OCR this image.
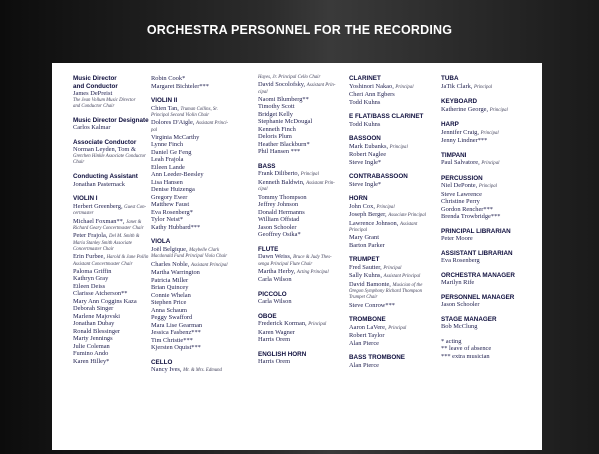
ORCHESTRA PERSONNEL FOR THE RECORDING
Music Director
and Conductor
James DePreist
The Jean Vollum Music Director
and Conductor Chair
Music Director Designate
Carlos Kalmar
Associate Conductor
Norman Leyden, Tom &
Gretchen Hinkle Associate Conductor
Chair
Conducting Assistant
Jonathan Pasternack
VIOLIN I
Herbert Greenberg, Guest Con-
certmaster
Michael Foxman**, Janet &
Richard Geary Concertmaster Chair
Peter Frajola, Del M. Smith &
Maria Stanley Smith Associate
Concertmaster Chair
Erin Furbee, Harold & Jane Pollin
Assistant Concertmaster Chair
Paloma Griffin
Kathryn Gray
Eileen Deiss
Clarisse Atcherson**
Mary Ann Coggins Kaza
Deborah Singer
Marlene Majovski
Jonathan Dubay
Ronald Blessinger
Marty Jennings
Julie Coleman
Fumino Ando
Karen Hilley*
Robin Cook*
Margaret Bichteler***
VIOLIN II
Chien Tan, Truman Collins, Sr.
Principal Second Violin Chair
Dolores D'Aigle, Assistant Princi-
pal
Virginia McCarthy
Lynne Finch
Daniel Ge Feng
Leah Frajola
Eileen Lande
Ann Leeder-Beesley
Lisa Hansen
Denise Huizenga
Gregory Ewer
Matthew Faust
Eva Rosenberg*
Tylor Neist*
Kathy Hubbard***
VIOLA
Joël Belgique, Maybelle Clark
Macdonald Fund Principal Viola Chair
Charles Noble, Assistant Principal
Martha Warrington
Patricia Miller
Brian Quincey
Connie Whelan
Stephen Price
Anna Schaum
Peggy Swafford
Mara Lise Gearman
Jessica Fasbenz***
Tim Christie***
Kjersten Oquist***
CELLO
Nancy Ives, Mr. & Mrs. Edmund
Hayes, Jr. Principal Cello Chair
David Socolofsky, Assistant Prin-
cipal
Naomi Blumberg**
Timothy Scott
Bridget Kelly
Stephanie McDougal
Kenneth Finch
Deloris Plum
Heather Blackburn*
Phil Hansen ***
BASS
Frank Diliberto, Principal
Kenneth Baldwin, Assistant Prin-
cipal
Tommy Thompson
Jeffrey Johnson
Donald Hermanns
William Offstad
Jason Schooler
Geoffrey Osika*
FLUTE
Dawn Weiss, Bruce & Judy Thes-
senga Principal Flute Chair
Martha Herby, Acting Principal
Carla Wilson
PICCOLO
Carla Wilson
OBOE
Frederick Korman, Principal
Karen Wagner
Harris Orem
ENGLISH HORN
Harris Orem
CLARINET
Yoshinori Nakao, Principal
Cheri Ann Egbers
Todd Kuhns
E FLAT/BASS CLARINET
Todd Kuhns
BASSOON
Mark Eubanks, Principal
Robert Naglee
Steve Ingle*
CONTRABASSOON
Steve Ingle*
HORN
John Cox, Principal
Joseph Berger, Associate Principal
Lawrence Johnson, Assistant
Principal
Mary Grant
Barton Parker
TRUMPET
Fred Sautter, Principal
Sally Kuhns, Assistant Principal
David Bamonte, Musician of the
Oregon Symphony Richard Thompson
Trumpet Chair
Steve Conrow***
TROMBONE
Aaron LaVere, Principal
Robert Taylor
Alan Pierce
BASS TROMBONE
Alan Pierce
TUBA
JaTik Clark, Principal
KEYBOARD
Katherine George, Principal
HARP
Jennifer Craig, Principal
Jenny Lindner***
TIMPANI
Paul Salvatore, Principal
PERCUSSION
Niel DePonte, Principal
Steve Lawrence
Christine Perry
Gordon Rencher***
Brenda Trowbridge***
PRINCIPAL LIBRARIAN
Peter Moore
ASSISTANT LIBRARIAN
Eva Rosenberg
ORCHESTRA MANAGER
Marilyn Rife
PERSONNEL MANAGER
Jason Schooler
STAGE MANAGER
Bob McClung
* acting
** leave of absence
*** extra musician
